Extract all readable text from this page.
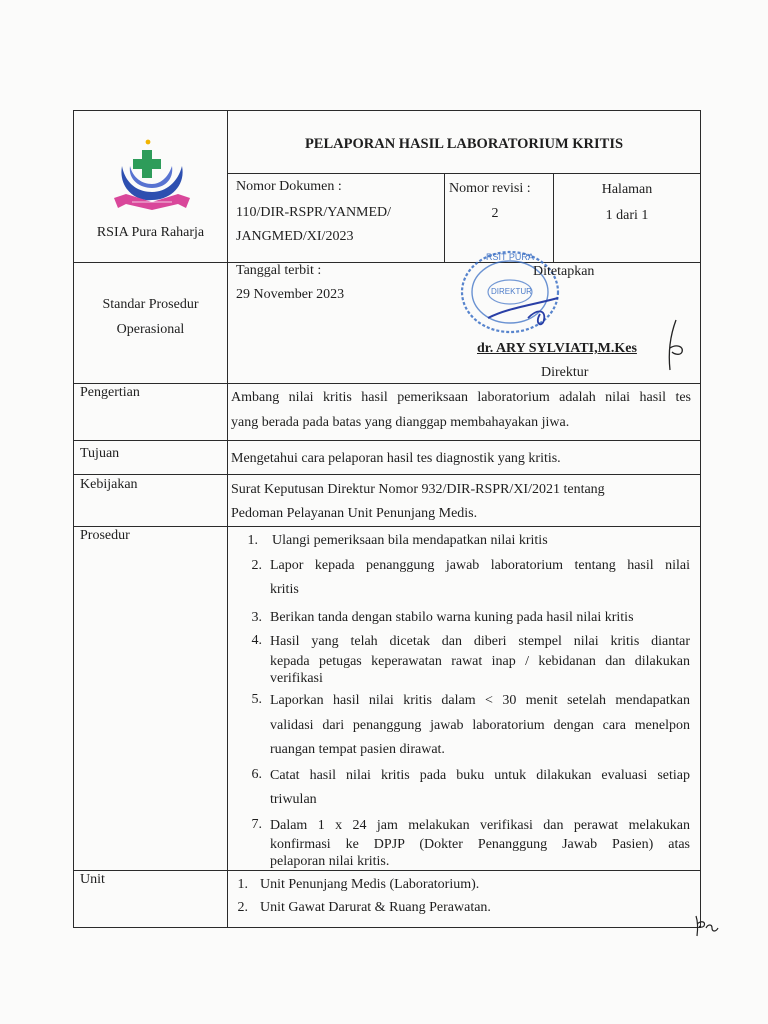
RSIA Pura Raharja
PELAPORAN HASIL LABORATORIUM KRITIS
Nomor Dokumen :
110/DIR-RSPR/YANMED/
JANGMED/XI/2023
Nomor revisi :
2
Halaman
1 dari 1
Standar Prosedur
Operasional
Tanggal terbit :
29 November 2023
RSIT PURA
DIREKTUR
Ditetapkan
dr. ARY SYLVIATI,M.Kes
Direktur
Pengertian	Ambang nilai kritis hasil pemeriksaan laboratorium adalah nilai hasil tes
yang berada pada batas yang dianggap membahayakan jiwa.
Tujuan	Mengetahui cara pelaporan hasil tes diagnostik yang kritis.
Kebijakan	Surat Keputusan Direktur Nomor 932/DIR-RSPR/XI/2021 tentang
Pedoman Pelayanan Unit Penunjang Medis.
Prosedur	1. Ulangi pemeriksaan bila mendapatkan nilai kritis
2. Lapor kepada penanggung jawab laboratorium tentang hasil nilai
kritis
3. Berikan tanda dengan stabilo warna kuning pada hasil nilai kritis
4. Hasil yang telah dicetak dan diberi stempel nilai kritis diantar
kepada petugas keperawatan rawat inap / kebidanan dan dilakukan
verifikasi
5. Laporkan hasil nilai kritis dalam < 30 menit setelah mendapatkan
validasi dari penanggung jawab laboratorium dengan cara menelpon
ruangan tempat pasien dirawat.
6. Catat hasil nilai kritis pada buku untuk dilakukan evaluasi setiap
triwulan
7. Dalam 1 x 24 jam melakukan verifikasi dan perawat melakukan
konfirmasi ke DPJP (Dokter Penanggung Jawab Pasien) atas
pelaporan nilai kritis.
Unit	1. Unit Penunjang Medis (Laboratorium).
2. Unit Gawat Darurat & Ruang Perawatan.
